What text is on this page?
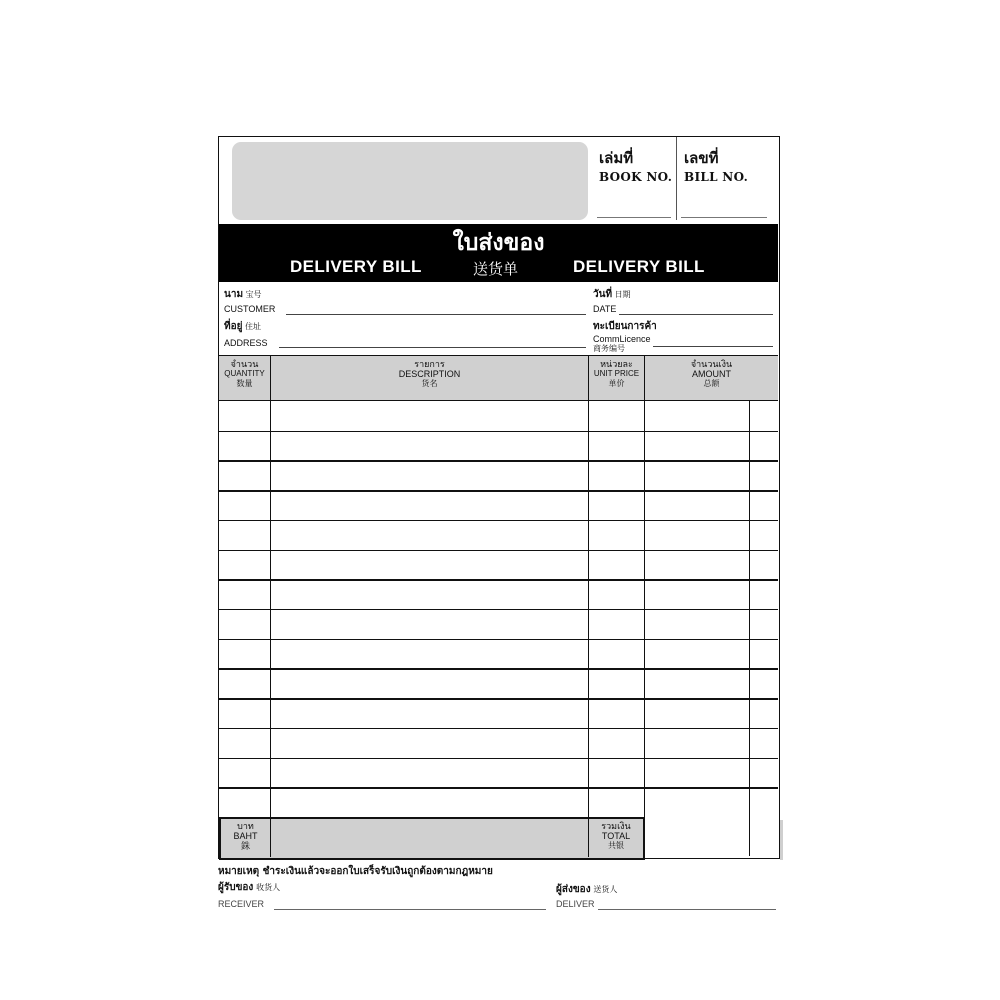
เล่มที่
BOOK NO.
เลขที่
BILL NO.
ใบส่งของ
DELIVERY BILL	送货单	DELIVERY BILL
นาม 宝号
CUSTOMER
ที่อยู่ 住址
ADDRESS
วันที่ 日期
DATE
ทะเบียนการค้า
CommLicence
商务编号
จำนวน
QUANTITY
数量
รายการ
DESCRIPTION
货名
หน่วยละ
UNIT PRICE
单价
จำนวนเงิน
AMOUNT
总额
บาท
BAHT
銖
รวมเงิน
TOTAL
共银
หมายเหตุ ชำระเงินแล้วจะออกใบเสร็จรับเงินถูกต้องตามกฎหมาย
ผู้รับของ 收货人
RECEIVER
ผู้ส่งของ 送货人
DELIVER
